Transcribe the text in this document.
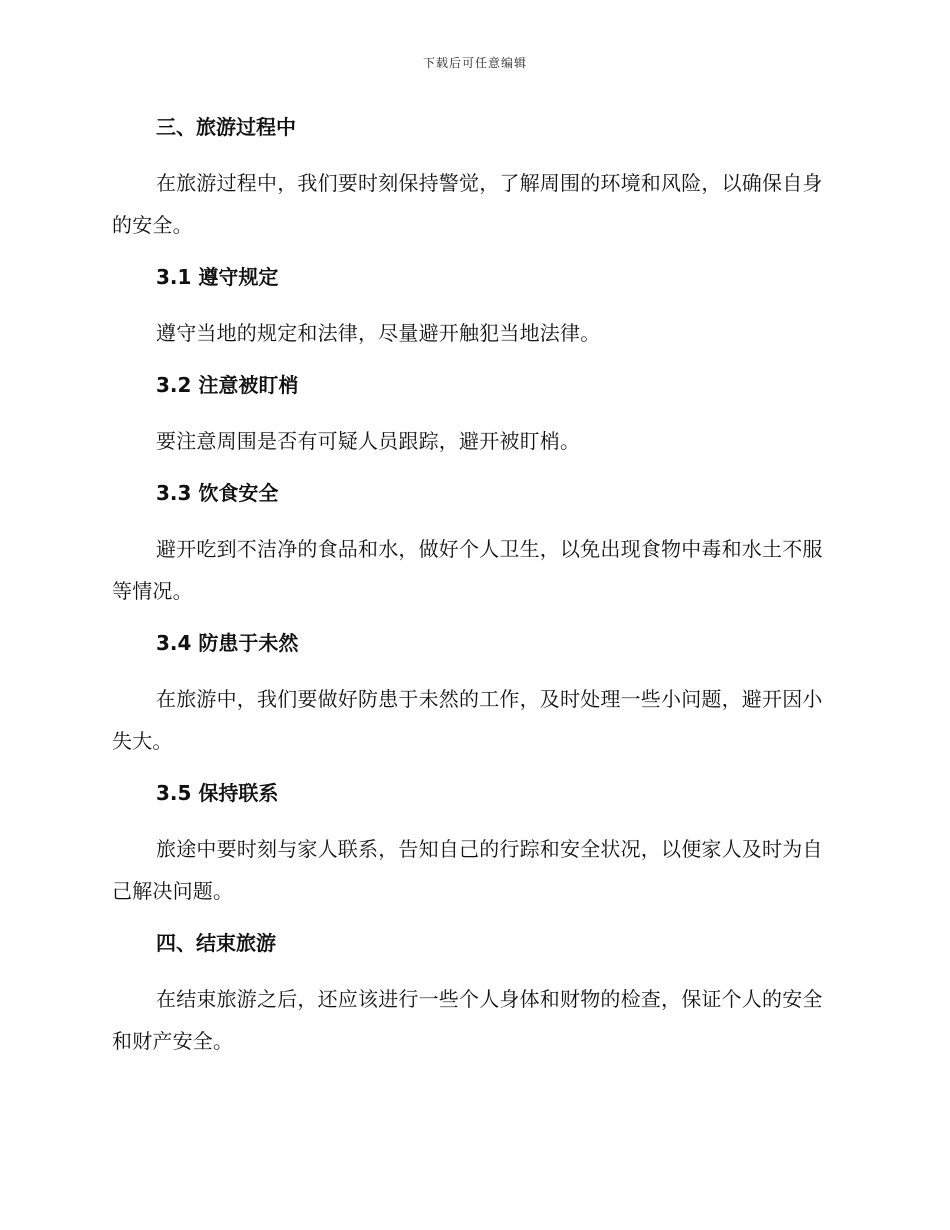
下载后可任意编辑
三、旅游过程中
在旅游过程中，我们要时刻保持警觉，了解周围的环境和风险，以确保自身的安全。
3.1 遵守规定
遵守当地的规定和法律，尽量避开触犯当地法律。
3.2 注意被盯梢
要注意周围是否有可疑人员跟踪，避开被盯梢。
3.3 饮食安全
避开吃到不洁净的食品和水，做好个人卫生，以免出现食物中毒和水土不服等情况。
3.4 防患于未然
在旅游中，我们要做好防患于未然的工作，及时处理一些小问题，避开因小失大。
3.5 保持联系
旅途中要时刻与家人联系，告知自己的行踪和安全状况，以便家人及时为自己解决问题。
四、结束旅游
在结束旅游之后，还应该进行一些个人身体和财物的检查，保证个人的安全和财产安全。
